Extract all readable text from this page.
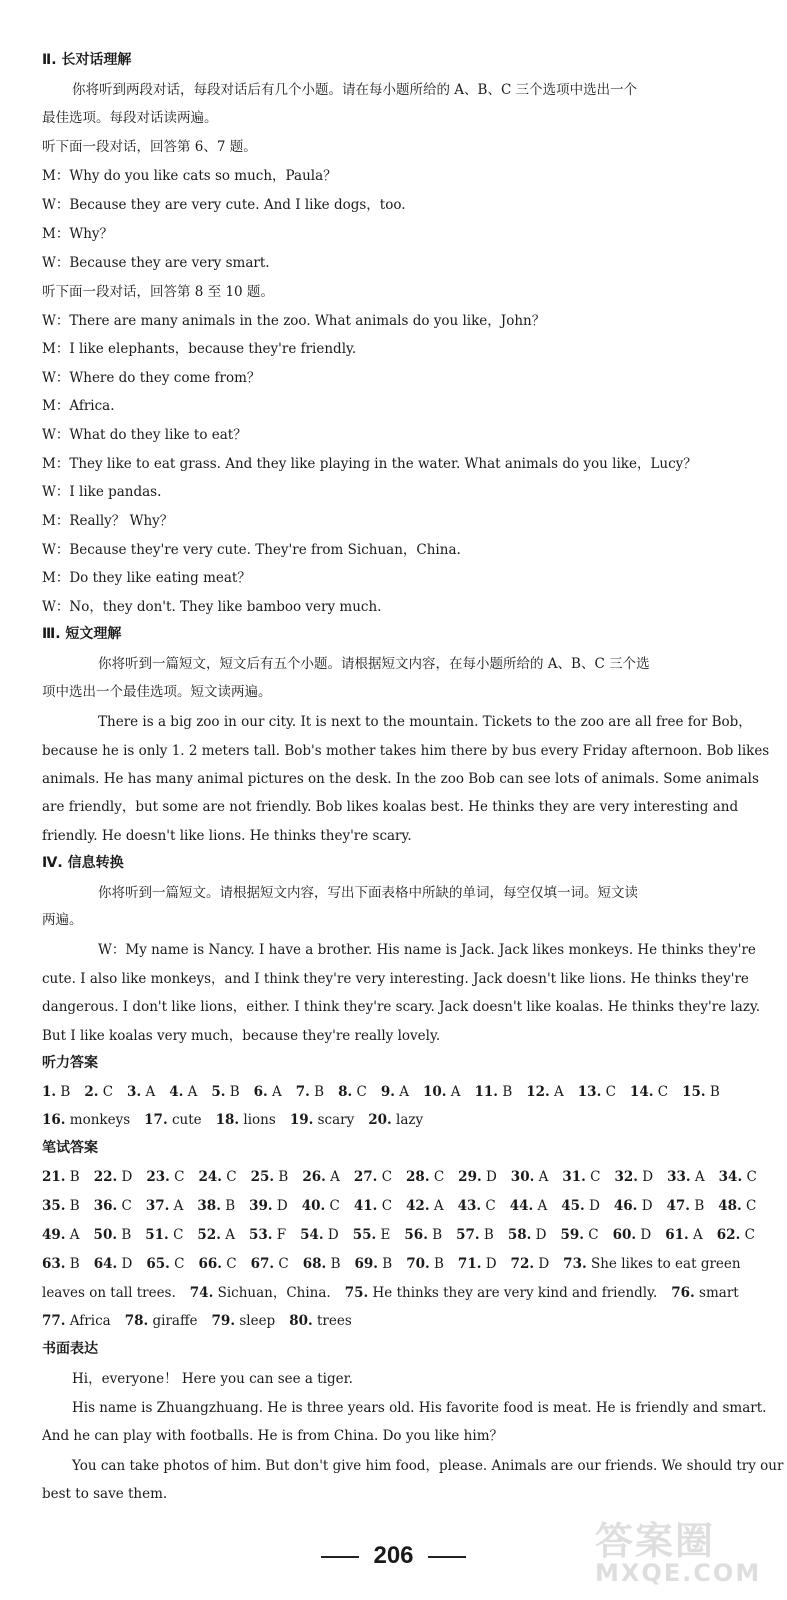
Ⅱ. 长对话理解
你将听到两段对话，每段对话后有几个小题。请在每小题所给的 A、B、C 三个选项中选出一个
最佳选项。每段对话读两遍。
听下面一段对话，回答第 6、7 题。
M：Why do you like cats so much，Paula？
W：Because they are very cute. And I like dogs，too.
M：Why？
W：Because they are very smart.
听下面一段对话，回答第 8 至 10 题。
W：There are many animals in the zoo. What animals do you like，John？
M：I like elephants，because they're friendly.
W：Where do they come from？
M：Africa.
W：What do they like to eat？
M：They like to eat grass. And they like playing in the water. What animals do you like，Lucy？
W：I like pandas.
M：Really？ Why？
W：Because they're very cute. They're from Sichuan，China.
M：Do they like eating meat？
W：No，they don't. They like bamboo very much.
Ⅲ. 短文理解
你将听到一篇短文，短文后有五个小题。请根据短文内容，在每小题所给的 A、B、C 三个选
项中选出一个最佳选项。短文读两遍。
There is a big zoo in our city. It is next to the mountain. Tickets to the zoo are all free for Bob，
because he is only 1. 2 meters tall. Bob's mother takes him there by bus every Friday afternoon. Bob likes
animals. He has many animal pictures on the desk. In the zoo Bob can see lots of animals. Some animals
are friendly，but some are not friendly. Bob likes koalas best. He thinks they are very interesting and
friendly. He doesn't like lions. He thinks they're scary.
Ⅳ. 信息转换
你将听到一篇短文。请根据短文内容，写出下面表格中所缺的单词，每空仅填一词。短文读
两遍。
W：My name is Nancy. I have a brother. His name is Jack. Jack likes monkeys. He thinks they're
cute. I also like monkeys，and I think they're very interesting. Jack doesn't like lions. He thinks they're
dangerous. I don't like lions，either. I think they're scary. Jack doesn't like koalas. He thinks they're lazy.
But I like koalas very much，because they're really lovely.
听力答案
1. B 2. C 3. A 4. A 5. B 6. A 7. B 8. C 9. A 10. A 11. B 12. A 13. C 14. C 15. B
16. monkeys 17. cute 18. lions 19. scary 20. lazy
笔试答案
21. B 22. D 23. C 24. C 25. B 26. A 27. C 28. C 29. D 30. A 31. C 32. D 33. A 34. C
35. B 36. C 37. A 38. B 39. D 40. C 41. C 42. A 43. C 44. A 45. D 46. D 47. B 48. C
49. A 50. B 51. C 52. A 53. F 54. D 55. E 56. B 57. B 58. D 59. C 60. D 61. A 62. C
63. B 64. D 65. C 66. C 67. C 68. B 69. B 70. B 71. D 72. D 73. She likes to eat green
leaves on tall trees. 74. Sichuan，China. 75. He thinks they are very kind and friendly. 76. smart
77. Africa 78. giraffe 79. sleep 80. trees
书面表达
Hi，everyone！ Here you can see a tiger.
His name is Zhuangzhuang. He is three years old. His favorite food is meat. He is friendly and smart.
And he can play with footballs. He is from China. Do you like him？
You can take photos of him. But don't give him food，please. Animals are our friends. We should try our
best to save them.
206	答案圈
MXQE.COM
